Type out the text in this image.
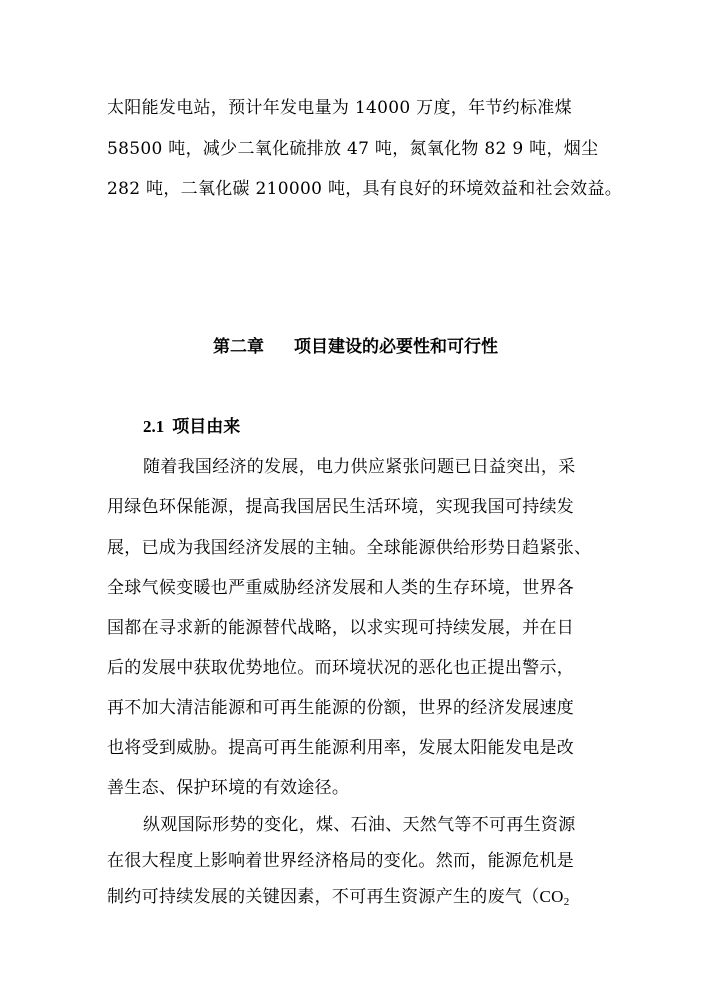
太阳能发电站，预计年发电量为 14000 万度，年节约标准煤
58500 吨，减少二氧化硫排放 47 吨，氮氧化物 82 9 吨，烟尘
282 吨，二氧化碳 210000 吨，具有良好的环境效益和社会效益。
第二章 项目建设的必要性和可行性
2.1 项目由来
随着我国经济的发展，电力供应紧张问题已日益突出，采
用绿色环保能源，提高我国居民生活环境，实现我国可持续发
展，已成为我国经济发展的主轴。全球能源供给形势日趋紧张、
全球气候变暖也严重威胁经济发展和人类的生存环境，世界各
国都在寻求新的能源替代战略，以求实现可持续发展，并在日
后的发展中获取优势地位。而环境状况的恶化也正提出警示，
再不加大清洁能源和可再生能源的份额，世界的经济发展速度
也将受到威胁。提高可再生能源利用率，发展太阳能发电是改
善生态、保护环境的有效途径。
纵观国际形势的变化，煤、石油、天然气等不可再生资源
在很大程度上影响着世界经济格局的变化。然而，能源危机是
制约可持续发展的关键因素，不可再生资源产生的废气（$CO_2$
